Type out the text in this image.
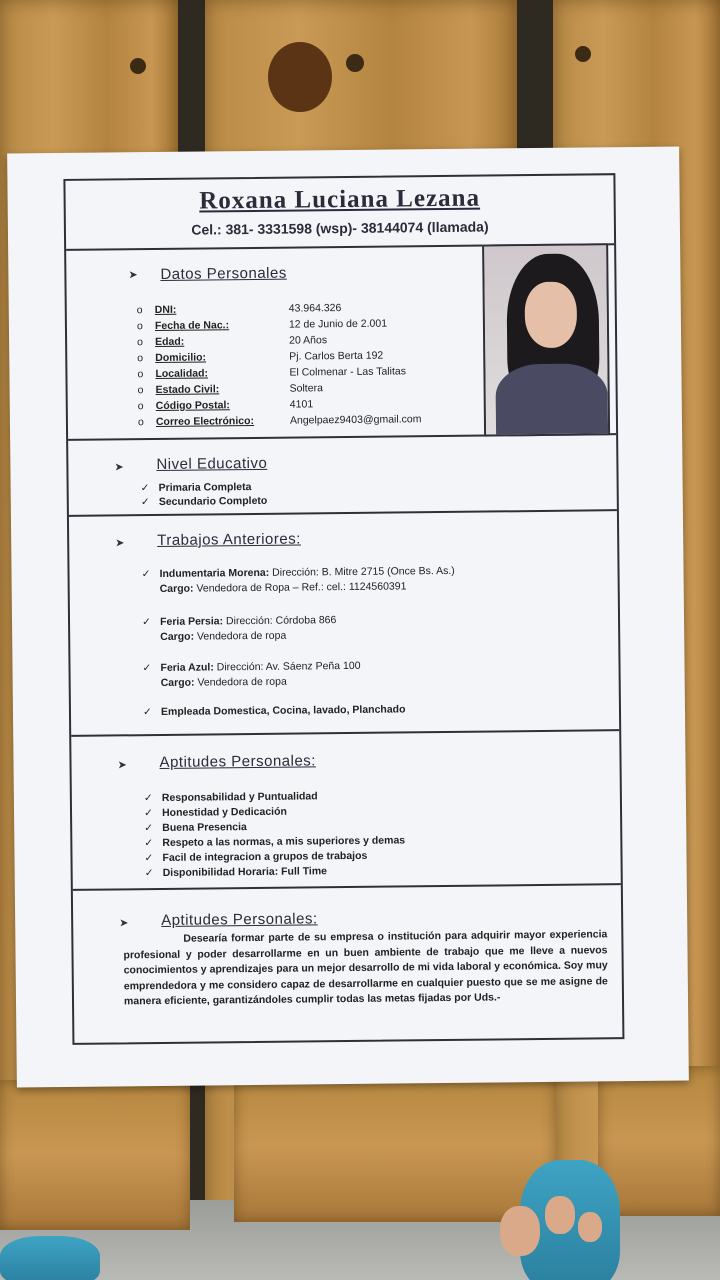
Roxana Luciana Lezana
Cel.: 381- 3331598 (wsp)- 38144074 (llamada)
➤ Datos Personales
o DNI:	43.964.326
o Fecha de Nac.:	12 de Junio de 2.001
o Edad:	20 Años
o Domicilio:	Pj. Carlos Berta 192
o Localidad:	El Colmenar - Las Talitas
o Estado Civil:	Soltera
o Código Postal:	4101
o Correo Electrónico:	Angelpaez9403@gmail.com
➤ Nivel Educativo
✓ Primaria Completa
✓ Secundario Completo
➤ Trabajos Anteriores:
✓ Indumentaria Morena: Dirección: B. Mitre 2715 (Once Bs. As.)
Cargo: Vendedora de Ropa – Ref.: cel.: 1124560391
✓ Feria Persia: Dirección: Córdoba 866
Cargo: Vendedora de ropa
✓ Feria Azul: Dirección: Av. Sáenz Peña 100
Cargo: Vendedora de ropa
✓ Empleada Domestica, Cocina, lavado, Planchado
➤ Aptitudes Personales:
✓ Responsabilidad y Puntualidad
✓ Honestidad y Dedicación
✓ Buena Presencia
✓ Respeto a las normas, a mis superiores y demas
✓ Facil de integracion a grupos de trabajos
✓ Disponibilidad Horaria: Full Time
➤ Aptitudes Personales:
Desearía formar parte de su empresa o institución para adquirir mayor experiencia profesional y poder desarrollarme en un buen ambiente de trabajo que me lleve a nuevos conocimientos y aprendizajes para un mejor desarrollo de mi vida laboral y económica. Soy muy emprendedora y me considero capaz de desarrollarme en cualquier puesto que se me asigne de manera eficiente, garantizándoles cumplir todas las metas fijadas por Uds.-
